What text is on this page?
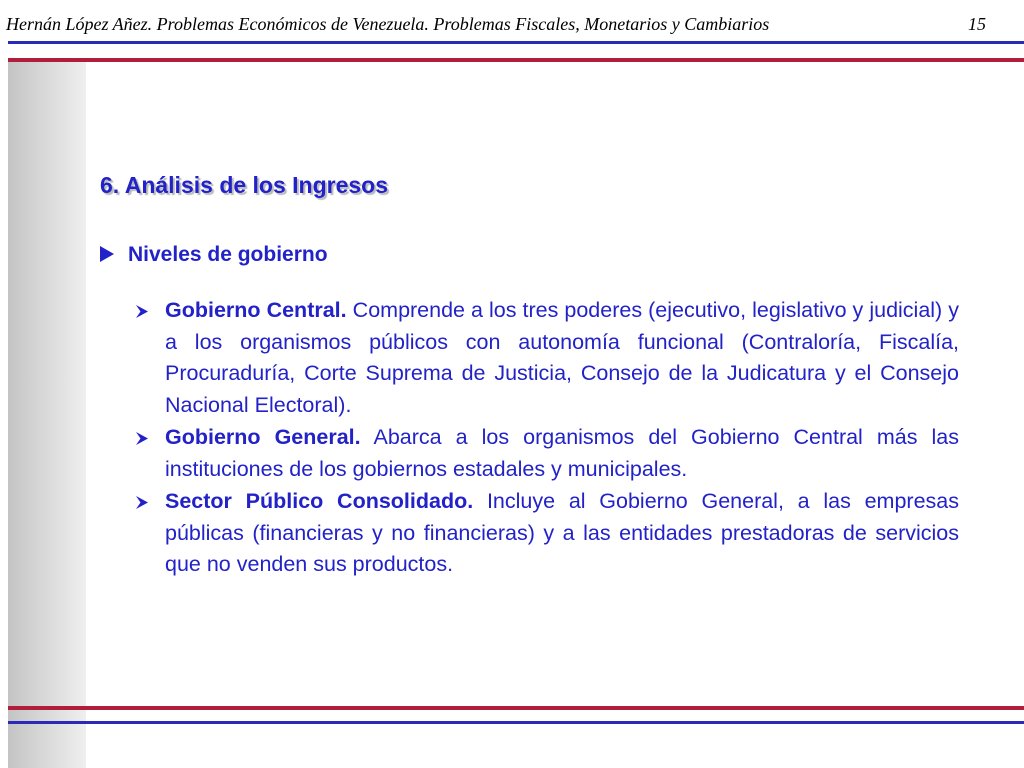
Hernán López Añez. Problemas Económicos de Venezuela. Problemas Fiscales, Monetarios y Cambiarios	15
6. Análisis de los Ingresos
Niveles de gobierno
Gobierno Central. Comprende a los tres poderes (ejecutivo, legislativo y judicial) y a los organismos públicos con autonomía funcional (Contraloría, Fiscalía, Procuraduría, Corte Suprema de Justicia, Consejo de la Judicatura y el Consejo Nacional Electoral).
Gobierno General. Abarca a los organismos del Gobierno Central más las instituciones de los gobiernos estadales y municipales.
Sector Público Consolidado. Incluye al Gobierno General, a las empresas públicas (financieras y no financieras) y a las entidades prestadoras de servicios que no venden sus productos.
